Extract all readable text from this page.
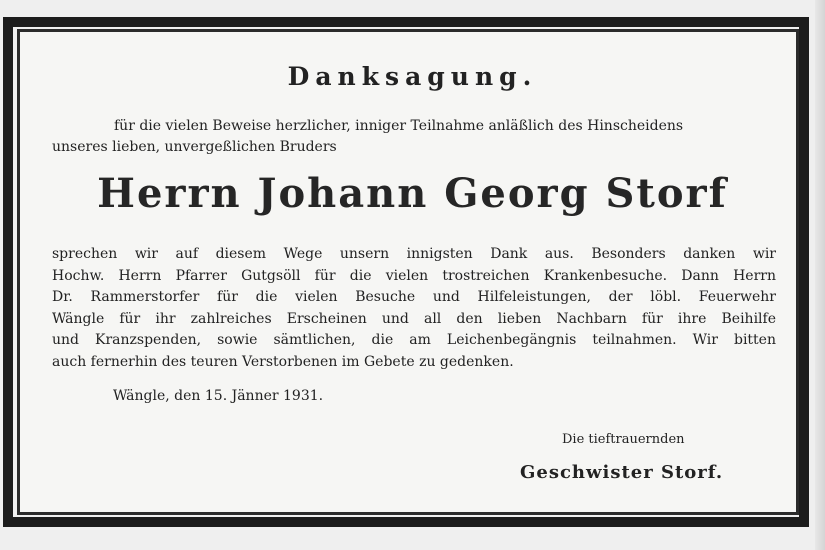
Danksagung.
für die vielen Beweise herzlicher, inniger Teilnahme anläßlich des Hinscheidens
unseres lieben, unvergeßlichen Bruders
Herrn Johann Georg Storf
sprechen wir auf diesem Wege unsern innigsten Dank aus. Besonders danken wir
Hochw. Herrn Pfarrer Gutgsöll für die vielen trostreichen Krankenbesuche. Dann Herrn
Dr. Rammerstorfer für die vielen Besuche und Hilfeleistungen, der löbl. Feuerwehr
Wängle für ihr zahlreiches Erscheinen und all den lieben Nachbarn für ihre Beihilfe
und Kranzspenden, sowie sämtlichen, die am Leichenbegängnis teilnahmen. Wir bitten
auch fernerhin des teuren Verstorbenen im Gebete zu gedenken.
Wängle, den 15. Jänner 1931.
Die tieftrauernden
Geschwister Storf.
